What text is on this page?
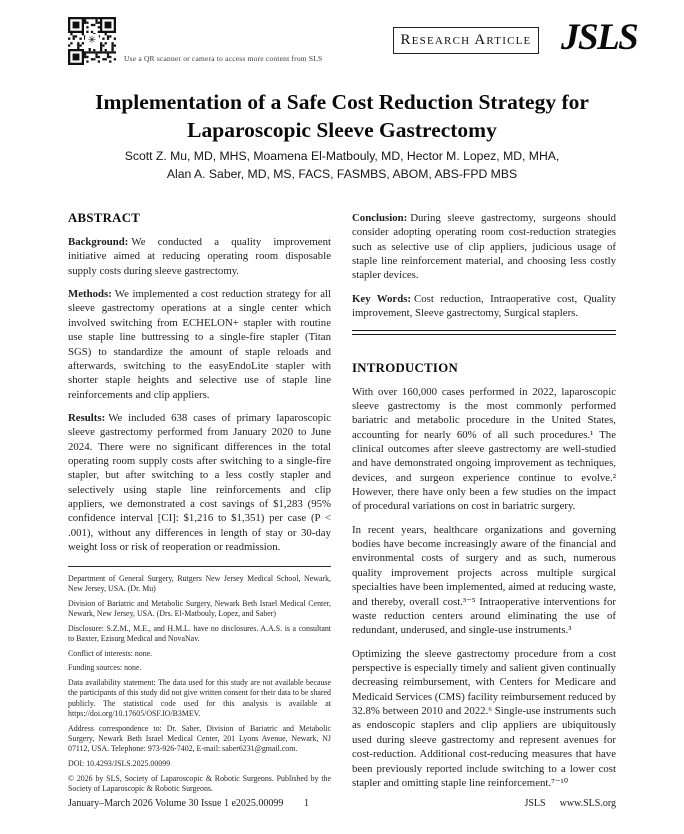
✳
Use a QR scanner or camera to access more content from SLS
Research Article JSLS
Implementation of a Safe Cost Reduction Strategy for Laparoscopic Sleeve Gastrectomy
Scott Z. Mu, MD, MHS, Moamena El-Matbouly, MD, Hector M. Lopez, MD, MHA,
Alan A. Saber, MD, MS, FACS, FASMBS, ABOM, ABS-FPD MBS
ABSTRACT

Background: We conducted a quality improvement initiative aimed at reducing operating room disposable supply costs during sleeve gastrectomy.

Methods: We implemented a cost reduction strategy for all sleeve gastrectomy operations at a single center which involved switching from ECHELON+ stapler with routine use staple line buttressing to a single-fire stapler (Titan SGS) to standardize the amount of staple reloads and afterwards, switching to the easyEndoLite stapler with shorter staple heights and selective use of staple line reinforcements and clip appliers.

Results: We included 638 cases of primary laparoscopic sleeve gastrectomy performed from January 2020 to June 2024. There were no significant differences in the total operating room supply costs after switching to a single-fire stapler, but after switching to a less costly stapler and selectively using staple line reinforcements and clip appliers, we demonstrated a cost savings of $1,283 (95% confidence interval [CI]: $1,216 to $1,351) per case (P < .001), without any differences in length of stay or 30-day weight loss or risk of reoperation or readmission.

Department of General Surgery, Rutgers New Jersey Medical School, Newark, New Jersey, USA. (Dr. Mu)

Division of Bariatric and Metabolic Surgery, Newark Beth Israel Medical Center, Newark, New Jersey, USA. (Drs. El-Matbouly, Lopez, and Saber)

Disclosure: S.Z.M., M.E., and H.M.L. have no disclosures. A.A.S. is a consultant to Baxter, Ezisurg Medical and NovaNav.

Conflict of interests: none.

Funding sources: none.

Data availability statement: The data used for this study are not available because the participants of this study did not give written consent for their data to be shared publicly. The statistical code used for this analysis is available at https://doi.org/10.17605/OSF.IO/B3MEV.

Address correspondence to: Dr. Saber, Division of Bariatric and Metabolic Surgery, Newark Beth Israel Medical Center, 201 Lyons Avenue, Newark, NJ 07112, USA. Telephone: 973-926-7402, E-mail: saber6231@gmail.com.

DOI: 10.4293/JSLS.2025.00099

© 2026 by SLS, Society of Laparoscopic & Robotic Surgeons. Published by the Society of Laparoscopic & Robotic Surgeons.

Conclusion: During sleeve gastrectomy, surgeons should consider adopting operating room cost-reduction strategies such as selective use of clip appliers, judicious usage of staple line reinforcement material, and choosing less costly stapler devices.

Key Words: Cost reduction, Intraoperative cost, Quality improvement, Sleeve gastrectomy, Surgical staplers.

INTRODUCTION

With over 160,000 cases performed in 2022, laparoscopic sleeve gastrectomy is the most commonly performed bariatric and metabolic procedure in the United States, accounting for nearly 60% of all such procedures.¹ The clinical outcomes after sleeve gastrectomy are well-studied and have demonstrated ongoing improvement as techniques, devices, and surgeon experience continue to evolve.² However, there have only been a few studies on the impact of procedural variations on cost in bariatric surgery.

In recent years, healthcare organizations and governing bodies have become increasingly aware of the financial and environmental costs of surgery and as such, numerous quality improvement projects across multiple surgical specialties have been implemented, aimed at reducing waste, and thereby, overall cost.³⁻⁵ Intraoperative interventions for waste reduction centers around eliminating the use of redundant, underused, and single-use instruments.³

Optimizing the sleeve gastrectomy procedure from a cost perspective is especially timely and salient given continually decreasing reimbursement, with Centers for Medicare and Medicaid Services (CMS) facility reimbursement reduced by 32.8% between 2010 and 2022.⁶ Single-use instruments such as endoscopic staplers and clip appliers are ubiquitously used during sleeve gastrectomy and represent avenues for cost-reduction. Additional cost-reducing measures that have been previously reported include switching to a lower cost stapler and omitting staple line reinforcement.⁷⁻¹⁰

January–March 2026 Volume 30 Issue 1 e2025.00099 1	JSLS www.SLS.org
